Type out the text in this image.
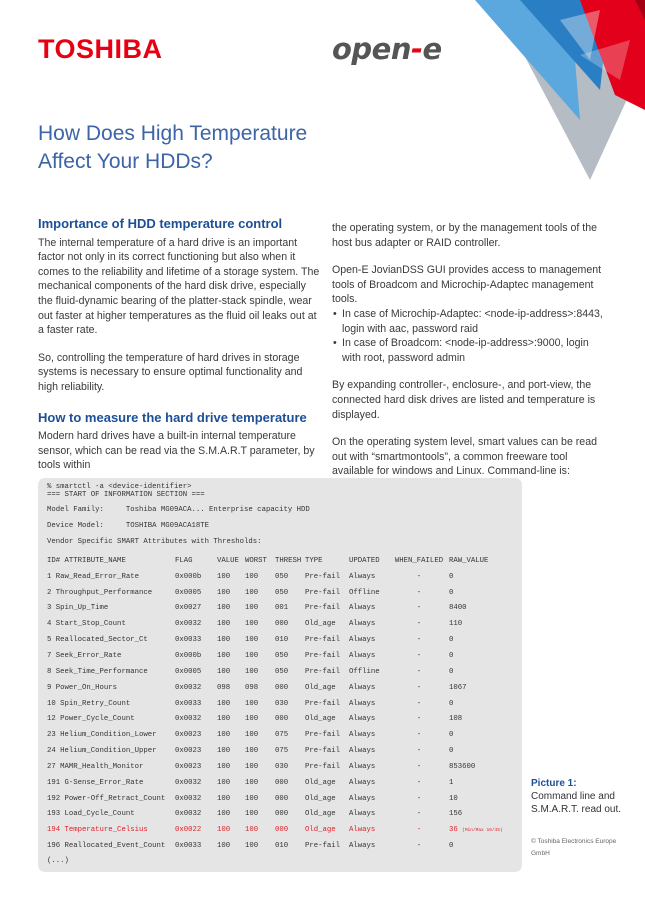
TOSHIBA	open-e
How Does High Temperature
Affect Your HDDs?
Importance of HDD temperature control

The internal temperature of a hard drive is an important factor not only in its correct functioning but also when it comes to the reliability and lifetime of a storage system. The mechanical components of the hard disk drive, especially the fluid-dynamic bearing of the platter-stack spindle, wear out faster at higher temperatures as the fluid oil leaks out at a faster rate.

So, controlling the temperature of hard drives in storage systems is necessary to ensure optimal functionality and high reliability.

How to measure the hard drive temperature

Modern hard drives have a built-in internal temperature sensor, which can be read via the S.M.A.R.T parameter, by tools within

the operating system, or by the management tools of the host bus adapter or RAID controller.

Open-E JovianDSS GUI provides access to management tools of Broadcom and Microchip-Adaptec management tools.

• In case of Microchip-Adaptec: <node-ip-address>:8443, login with aac, password raid
• In case of Broadcom: <node-ip-address>:9000, login with root, password admin

By expanding controller-, enclosure-, and port-view, the connected hard disk drives are listed and temperature is displayed.

On the operating system level, smart values can be read out with “smartmontools”, a common freeware tool available for windows and Linux. Command-line is:

% smartctl -a <device-identifier>
=== START OF INFORMATION SECTION ===
Model Family:     Toshiba MG09ACA... Enterprise capacity HDD
Device Model:     TOSHIBA MG09ACA18TE
Vendor Specific SMART Attributes with Thresholds:
ID# ATTRIBUTE_NAME	FLAG	VALUE	WORST	THRESH	TYPE	UPDATED	WHEN_FAILED	RAW_VALUE
1 Raw_Read_Error_Rate	0x000b	100	100	050	Pre-fail	Always	-	0
2 Throughput_Performance	0x0005	100	100	050	Pre-fail	Offline	-	0
3 Spin_Up_Time	0x0027	100	100	001	Pre-fail	Always	-	8400
4 Start_Stop_Count	0x0032	100	100	000	Old_age	Always	-	110
5 Reallocated_Sector_Ct	0x0033	100	100	010	Pre-fail	Always	-	0
7 Seek_Error_Rate	0x000b	100	100	050	Pre-fail	Always	-	0
8 Seek_Time_Performance	0x0005	100	100	050	Pre-fail	Offline	-	0
9 Power_On_Hours	0x0032	098	098	000	Old_age	Always	-	1067
10 Spin_Retry_Count	0x0033	100	100	030	Pre-fail	Always	-	0
12 Power_Cycle_Count	0x0032	100	100	000	Old_age	Always	-	108
23 Helium_Condition_Lower	0x0023	100	100	075	Pre-fail	Always	-	0
24 Helium_Condition_Upper	0x0023	100	100	075	Pre-fail	Always	-	0
27 MAMR_Health_Monitor	0x0023	100	100	030	Pre-fail	Always	-	853600
191 G-Sense_Error_Rate	0x0032	100	100	000	Old_age	Always	-	1
192 Power-Off_Retract_Count	0x0032	100	100	000	Old_age	Always	-	10
193 Load_Cycle_Count	0x0032	100	100	000	Old_age	Always	-	156
194 Temperature_Celsius	0x0022	100	100	000	Old_age	Always	-	36 (Min/Max 16/45)
196 Reallocated_Event_Count	0x0033	100	100	010	Pre-fail	Always	-	0
(...)
Picture 1:
Command line and S.M.A.R.T. read out.
© Toshiba Electronics Europe GmbH
